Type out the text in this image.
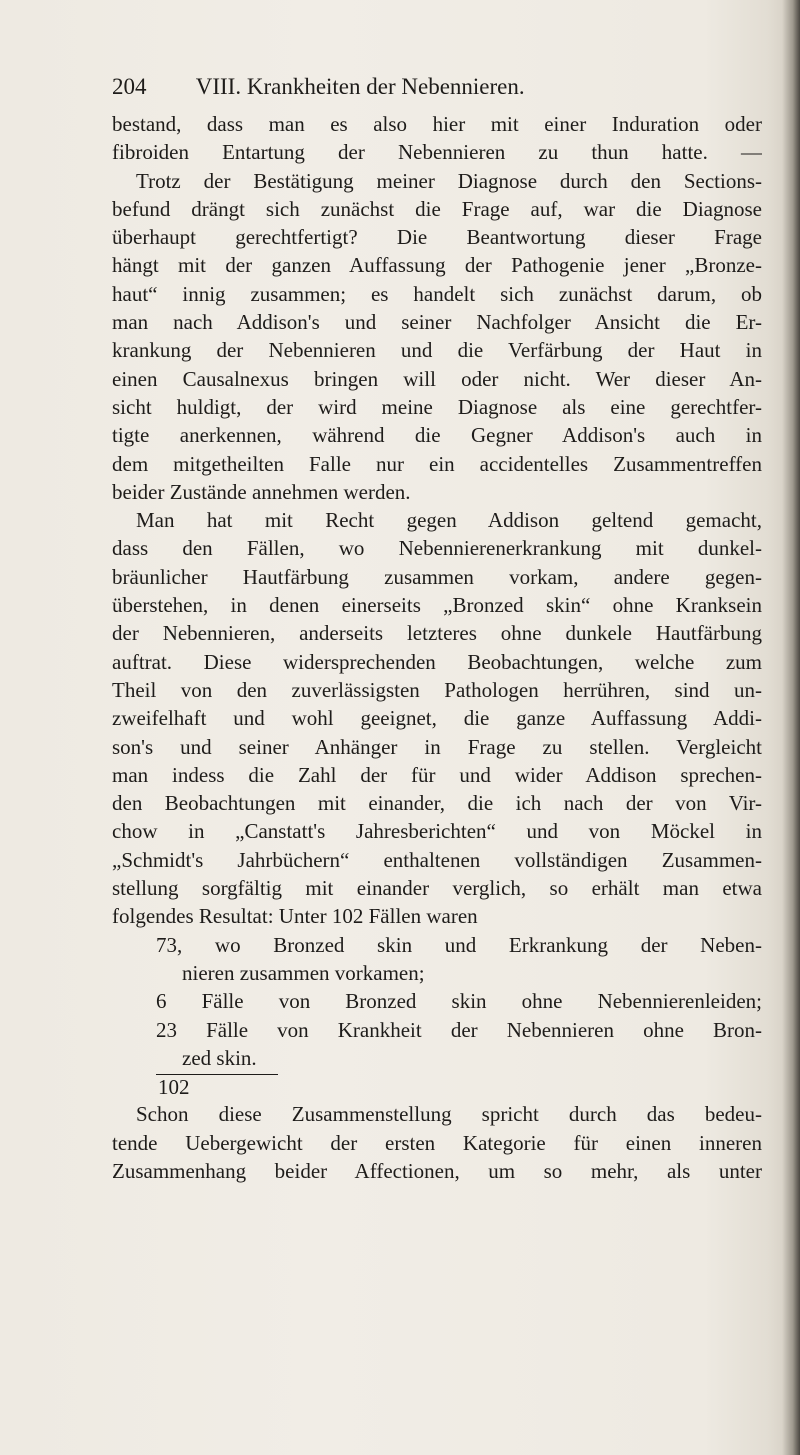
204 VIII. Krankheiten der Nebennieren.
bestand, dass man es also hier mit einer Induration oder
fibroiden Entartung der Nebennieren zu thun hatte. —
Trotz der Bestätigung meiner Diagnose durch den Sections-
befund drängt sich zunächst die Frage auf, war die Diagnose
überhaupt gerechtfertigt? Die Beantwortung dieser Frage
hängt mit der ganzen Auffassung der Pathogenie jener „Bronze-
haut“ innig zusammen; es handelt sich zunächst darum, ob
man nach Addison's und seiner Nachfolger Ansicht die Er-
krankung der Nebennieren und die Verfärbung der Haut in
einen Causalnexus bringen will oder nicht. Wer dieser An-
sicht huldigt, der wird meine Diagnose als eine gerechtfer-
tigte anerkennen, während die Gegner Addison's auch in
dem mitgetheilten Falle nur ein accidentelles Zusammentreffen
beider Zustände annehmen werden.
Man hat mit Recht gegen Addison geltend gemacht,
dass den Fällen, wo Nebennierenerkrankung mit dunkel-
bräunlicher Hautfärbung zusammen vorkam, andere gegen-
überstehen, in denen einerseits „Bronzed skin“ ohne Kranksein
der Nebennieren, anderseits letzteres ohne dunkele Hautfärbung
auftrat. Diese widersprechenden Beobachtungen, welche zum
Theil von den zuverlässigsten Pathologen herrühren, sind un-
zweifelhaft und wohl geeignet, die ganze Auffassung Addi-
son's und seiner Anhänger in Frage zu stellen. Vergleicht
man indess die Zahl der für und wider Addison sprechen-
den Beobachtungen mit einander, die ich nach der von Vir-
chow in „Canstatt's Jahresberichten“ und von Möckel in
„Schmidt's Jahrbüchern“ enthaltenen vollständigen Zusammen-
stellung sorgfältig mit einander verglich, so erhält man etwa
folgendes Resultat: Unter 102 Fällen waren
73, wo Bronzed skin und Erkrankung der Neben-
nieren zusammen vorkamen;
6 Fälle von Bronzed skin ohne Nebennierenleiden;
23 Fälle von Krankheit der Nebennieren ohne Bron-
zed skin.
102
Schon diese Zusammenstellung spricht durch das bedeu-
tende Uebergewicht der ersten Kategorie für einen inneren
Zusammenhang beider Affectionen, um so mehr, als unter
